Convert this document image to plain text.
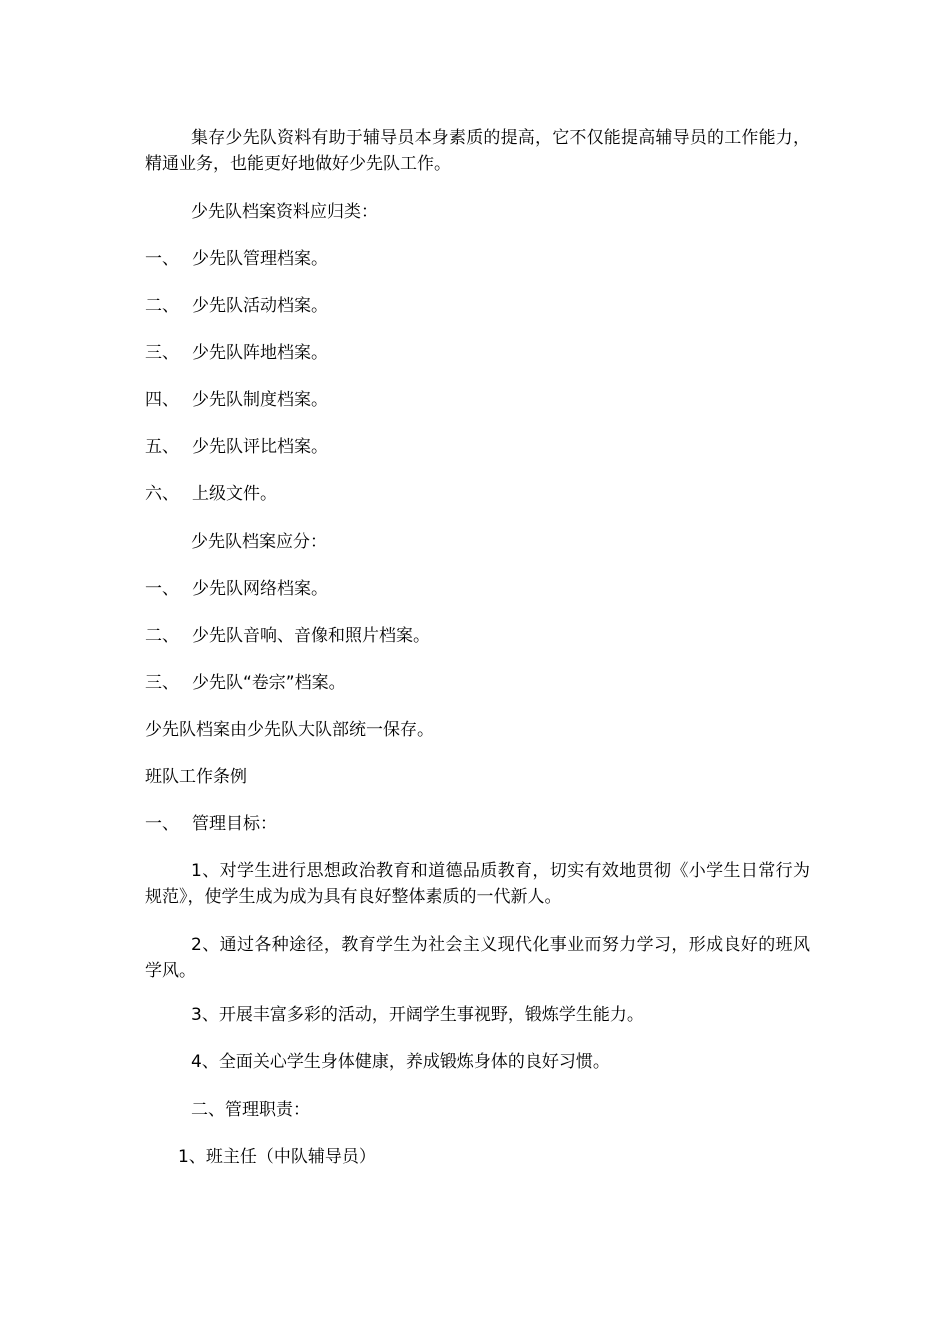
集存少先队资料有助于辅导员本身素质的提高，它不仅能提高辅导员的工作能力，精通业务，也能更好地做好少先队工作。
少先队档案资料应归类：
一、 少先队管理档案。
二、 少先队活动档案。
三、 少先队阵地档案。
四、 少先队制度档案。
五、 少先队评比档案。
六、 上级文件。
少先队档案应分：
一、 少先队网络档案。
二、 少先队音响、音像和照片档案。
三、 少先队“卷宗”档案。
少先队档案由少先队大队部统一保存。
班队工作条例
一、 管理目标：
1、对学生进行思想政治教育和道德品质教育，切实有效地贯彻《小学生日常行为规范》，使学生成为成为具有良好整体素质的一代新人。
2、通过各种途径，教育学生为社会主义现代化事业而努力学习，形成良好的班风学风。
3、开展丰富多彩的活动，开阔学生事视野，锻炼学生能力。
4、全面关心学生身体健康，养成锻炼身体的良好习惯。
二、管理职责：
1、班主任（中队辅导员）
